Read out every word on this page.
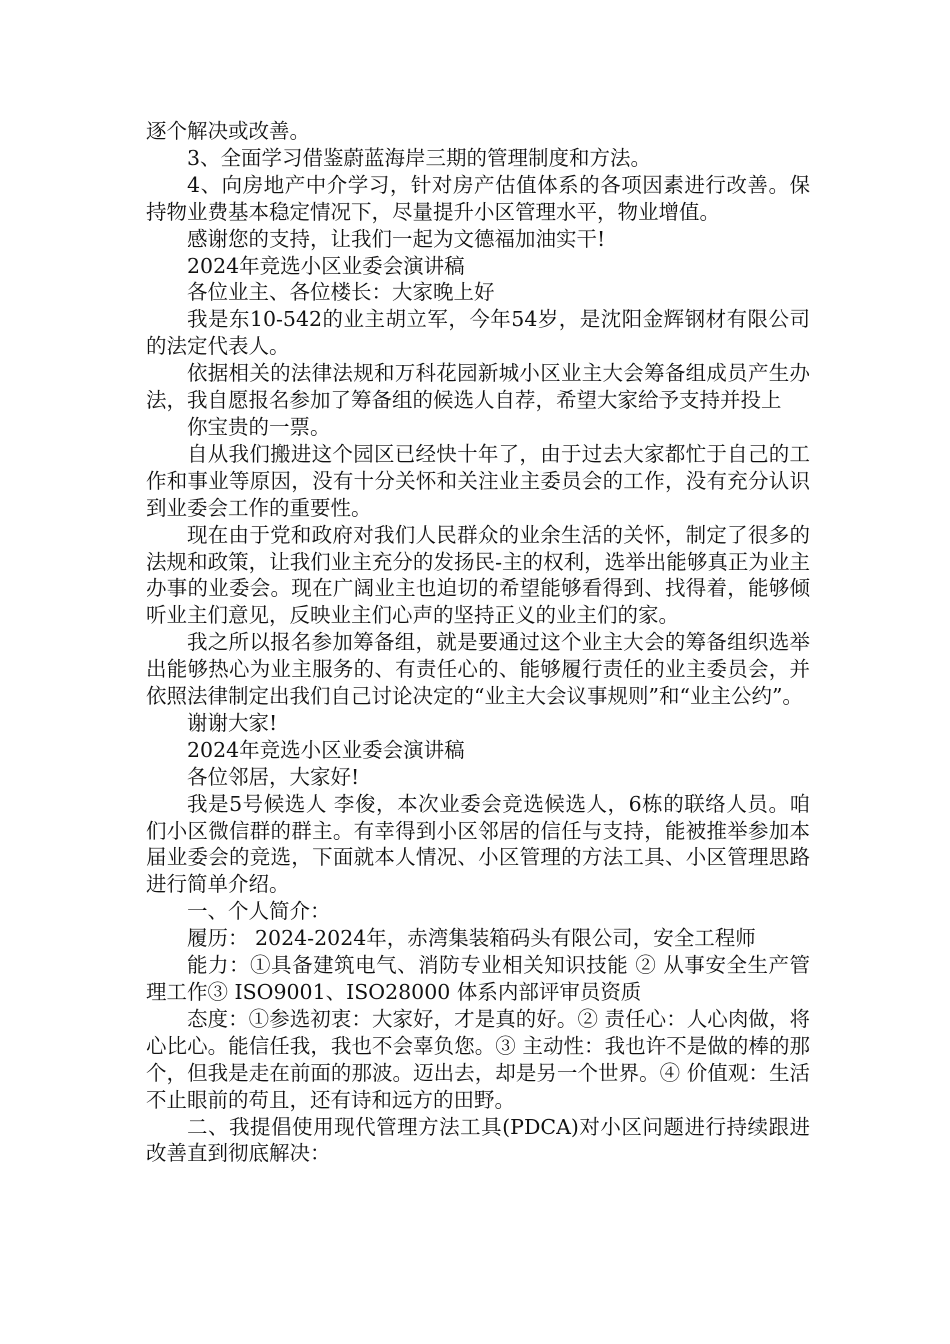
逐个解决或改善。

3、全面学习借鉴蔚蓝海岸三期的管理制度和方法。

4、向房地产中介学习，针对房产估值体系的各项因素进行改善。保持物业费基本稳定情况下，尽量提升小区管理水平，物业增值。

感谢您的支持，让我们一起为文德福加油实干!

2024年竞选小区业委会演讲稿

各位业主、各位楼长：大家晚上好

我是东10-542的业主胡立军，今年54岁，是沈阳金辉钢材有限公司的法定代表人。

依据相关的法律法规和万科花园新城小区业主大会筹备组成员产生办法，我自愿报名参加了筹备组的候选人自荐，希望大家给予支持并投上

你宝贵的一票。

自从我们搬进这个园区已经快十年了，由于过去大家都忙于自己的工作和事业等原因，没有十分关怀和关注业主委员会的工作，没有充分认识到业委会工作的重要性。

现在由于党和政府对我们人民群众的业余生活的关怀，制定了很多的法规和政策，让我们业主充分的发扬民-主的权利，选举出能够真正为业主办事的业委会。现在广阔业主也迫切的希望能够看得到、找得着，能够倾听业主们意见，反映业主们心声的坚持正义的业主们的家。

我之所以报名参加筹备组，就是要通过这个业主大会的筹备组织选举出能够热心为业主服务的、有责任心的、能够履行责任的业主委员会，并依照法律制定出我们自己讨论决定的“业主大会议事规则”和“业主公约”。

谢谢大家!

2024年竞选小区业委会演讲稿

各位邻居，大家好!

我是5号候选人 李俊，本次业委会竞选候选人，6栋的联络人员。咱们小区微信群的群主。有幸得到小区邻居的信任与支持，能被推举参加本届业委会的竞选，下面就本人情况、小区管理的方法工具、小区管理思路进行简单介绍。

一、个人简介：

履历： 2024-2024年，赤湾集装箱码头有限公司，安全工程师

能力：①具备建筑电气、消防专业相关知识技能 ② 从事安全生产管理工作③ ISO9001、ISO28000 体系内部评审员资质

态度：①参选初衷：大家好，才是真的好。② 责任心：人心肉做，将心比心。能信任我，我也不会辜负您。③ 主动性：我也许不是做的棒的那个，但我是走在前面的那波。迈出去，却是另一个世界。④ 价值观：生活不止眼前的苟且，还有诗和远方的田野。

二、我提倡使用现代管理方法工具(PDCA)对小区问题进行持续跟进改善直到彻底解决：
